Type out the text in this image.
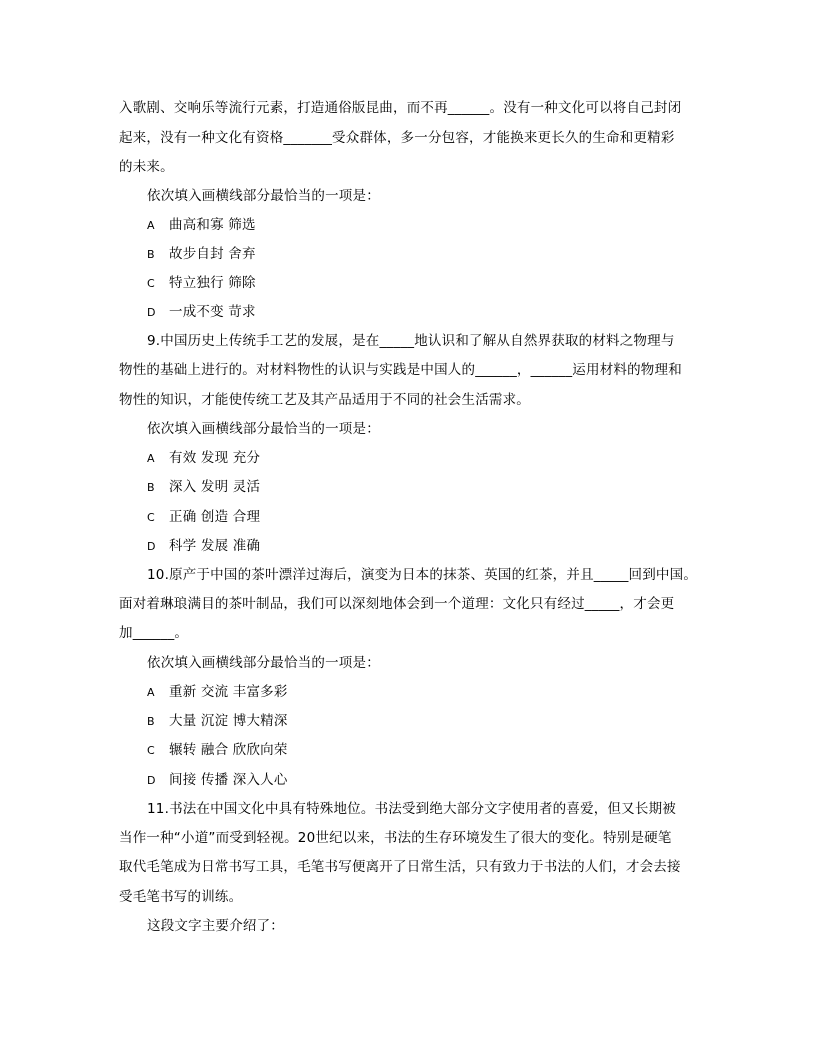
入歌剧、交响乐等流行元素，打造通俗版昆曲，而不再______。没有一种文化可以将自己封闭
起来，没有一种文化有资格_______受众群体，多一分包容，才能换来更长久的生命和更精彩
的未来。
依次填入画横线部分最恰当的一项是：
A 曲高和寡 筛选
B 故步自封 舍弃
C 特立独行 筛除
D 一成不变 苛求
9.中国历史上传统手工艺的发展，是在_____地认识和了解从自然界获取的材料之物理与
物性的基础上进行的。对材料物性的认识与实践是中国人的______，______运用材料的物理和
物性的知识，才能使传统工艺及其产品适用于不同的社会生活需求。
依次填入画横线部分最恰当的一项是：
A 有效 发现 充分
B 深入 发明 灵活
C 正确 创造 合理
D 科学 发展 准确
10.原产于中国的茶叶漂洋过海后，演变为日本的抹茶、英国的红茶，并且_____回到中国。
面对着琳琅满目的茶叶制品，我们可以深刻地体会到一个道理：文化只有经过_____，才会更
加______。
依次填入画横线部分最恰当的一项是：
A 重新 交流 丰富多彩
B 大量 沉淀 博大精深
C 辗转 融合 欣欣向荣
D 间接 传播 深入人心
11.书法在中国文化中具有特殊地位。书法受到绝大部分文字使用者的喜爱，但又长期被
当作一种“小道”而受到轻视。20世纪以来，书法的生存环境发生了很大的变化。特别是硬笔
取代毛笔成为日常书写工具，毛笔书写便离开了日常生活，只有致力于书法的人们，才会去接
受毛笔书写的训练。
这段文字主要介绍了：
